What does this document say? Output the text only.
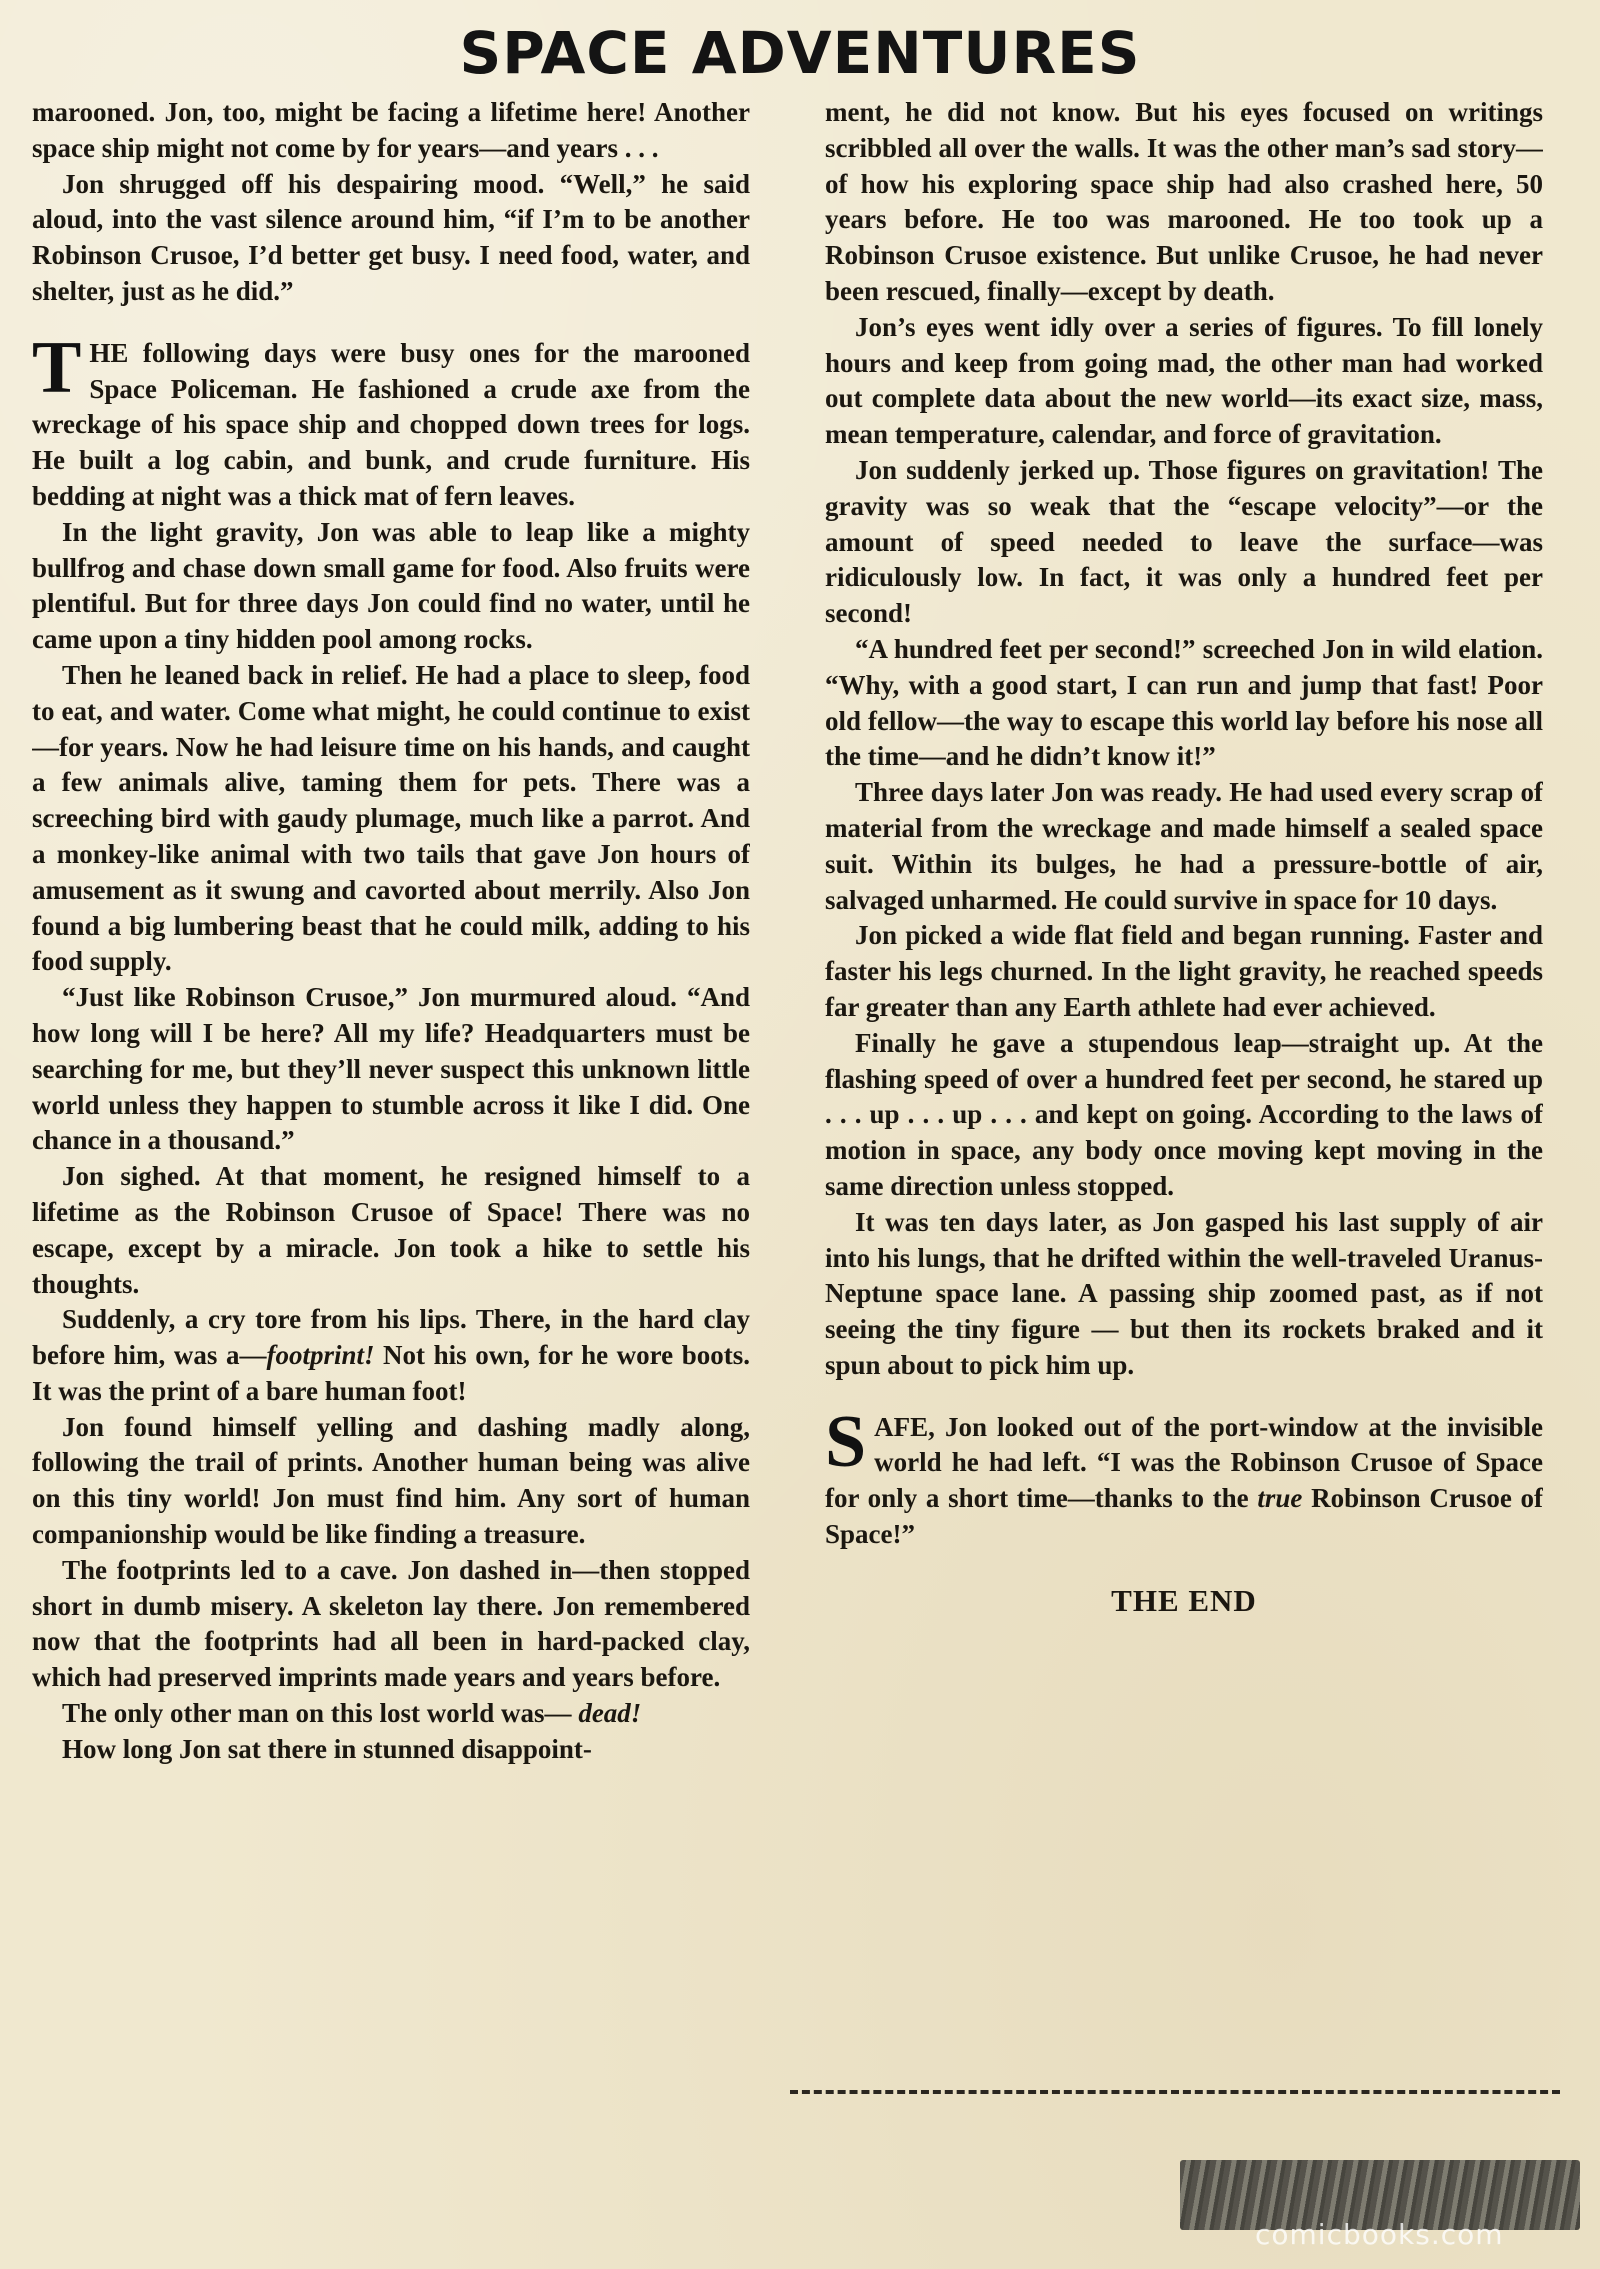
SPACE ADVENTURES

marooned. Jon, too, might be facing a lifetime here! Another space ship might not come by for years—and years . . .

Jon shrugged off his despairing mood. “Well,” he said aloud, into the vast silence around him, “if I’m to be another Robinson Crusoe, I’d better get busy. I need food, water, and shelter, just as he did.”

THE following days were busy ones for the marooned Space Policeman. He fashioned a crude axe from the wreckage of his space ship and chopped down trees for logs. He built a log cabin, and bunk, and crude furniture. His bedding at night was a thick mat of fern leaves.

In the light gravity, Jon was able to leap like a mighty bullfrog and chase down small game for food. Also fruits were plentiful. But for three days Jon could find no water, until he came upon a tiny hidden pool among rocks.

Then he leaned back in relief. He had a place to sleep, food to eat, and water. Come what might, he could continue to exist—for years. Now he had leisure time on his hands, and caught a few animals alive, taming them for pets. There was a screeching bird with gaudy plumage, much like a parrot. And a monkey-like animal with two tails that gave Jon hours of amusement as it swung and cavorted about merrily. Also Jon found a big lumbering beast that he could milk, adding to his food supply.

“Just like Robinson Crusoe,” Jon murmured aloud. “And how long will I be here? All my life? Headquarters must be searching for me, but they’ll never suspect this unknown little world unless they happen to stumble across it like I did. One chance in a thousand.”

Jon sighed. At that moment, he resigned himself to a lifetime as the Robinson Crusoe of Space! There was no escape, except by a miracle. Jon took a hike to settle his thoughts.

Suddenly, a cry tore from his lips. There, in the hard clay before him, was a—footprint! Not his own, for he wore boots. It was the print of a bare human foot!

Jon found himself yelling and dashing madly along, following the trail of prints. Another human being was alive on this tiny world! Jon must find him. Any sort of human companionship would be like finding a treasure.

The footprints led to a cave. Jon dashed in—then stopped short in dumb misery. A skeleton lay there. Jon remembered now that the footprints had all been in hard-packed clay, which had preserved imprints made years and years before.

The only other man on this lost world was— dead!

How long Jon sat there in stunned disappoint-

ment, he did not know. But his eyes focused on writings scribbled all over the walls. It was the other man’s sad story—of how his exploring space ship had also crashed here, 50 years before. He too was marooned. He too took up a Robinson Crusoe existence. But unlike Crusoe, he had never been rescued, finally—except by death.

Jon’s eyes went idly over a series of figures. To fill lonely hours and keep from going mad, the other man had worked out complete data about the new world—its exact size, mass, mean temperature, calendar, and force of gravitation.

Jon suddenly jerked up. Those figures on gravitation! The gravity was so weak that the “escape velocity”—or the amount of speed needed to leave the surface—was ridiculously low. In fact, it was only a hundred feet per second!

“A hundred feet per second!” screeched Jon in wild elation. “Why, with a good start, I can run and jump that fast! Poor old fellow—the way to escape this world lay before his nose all the time—and he didn’t know it!”

Three days later Jon was ready. He had used every scrap of material from the wreckage and made himself a sealed space suit. Within its bulges, he had a pressure-bottle of air, salvaged unharmed. He could survive in space for 10 days.

Jon picked a wide flat field and began running. Faster and faster his legs churned. In the light gravity, he reached speeds far greater than any Earth athlete had ever achieved.

Finally he gave a stupendous leap—straight up. At the flashing speed of over a hundred feet per second, he stared up . . . up . . . up . . . and kept on going. According to the laws of motion in space, any body once moving kept moving in the same direction unless stopped.

It was ten days later, as Jon gasped his last supply of air into his lungs, that he drifted within the well-traveled Uranus-Neptune space lane. A passing ship zoomed past, as if not seeing the tiny figure — but then its rockets braked and it spun about to pick him up.

SAFE, Jon looked out of the port-window at the invisible world he had left. “I was the Robinson Crusoe of Space for only a short time—thanks to the true Robinson Crusoe of Space!”

THE END
comicbooks.com
